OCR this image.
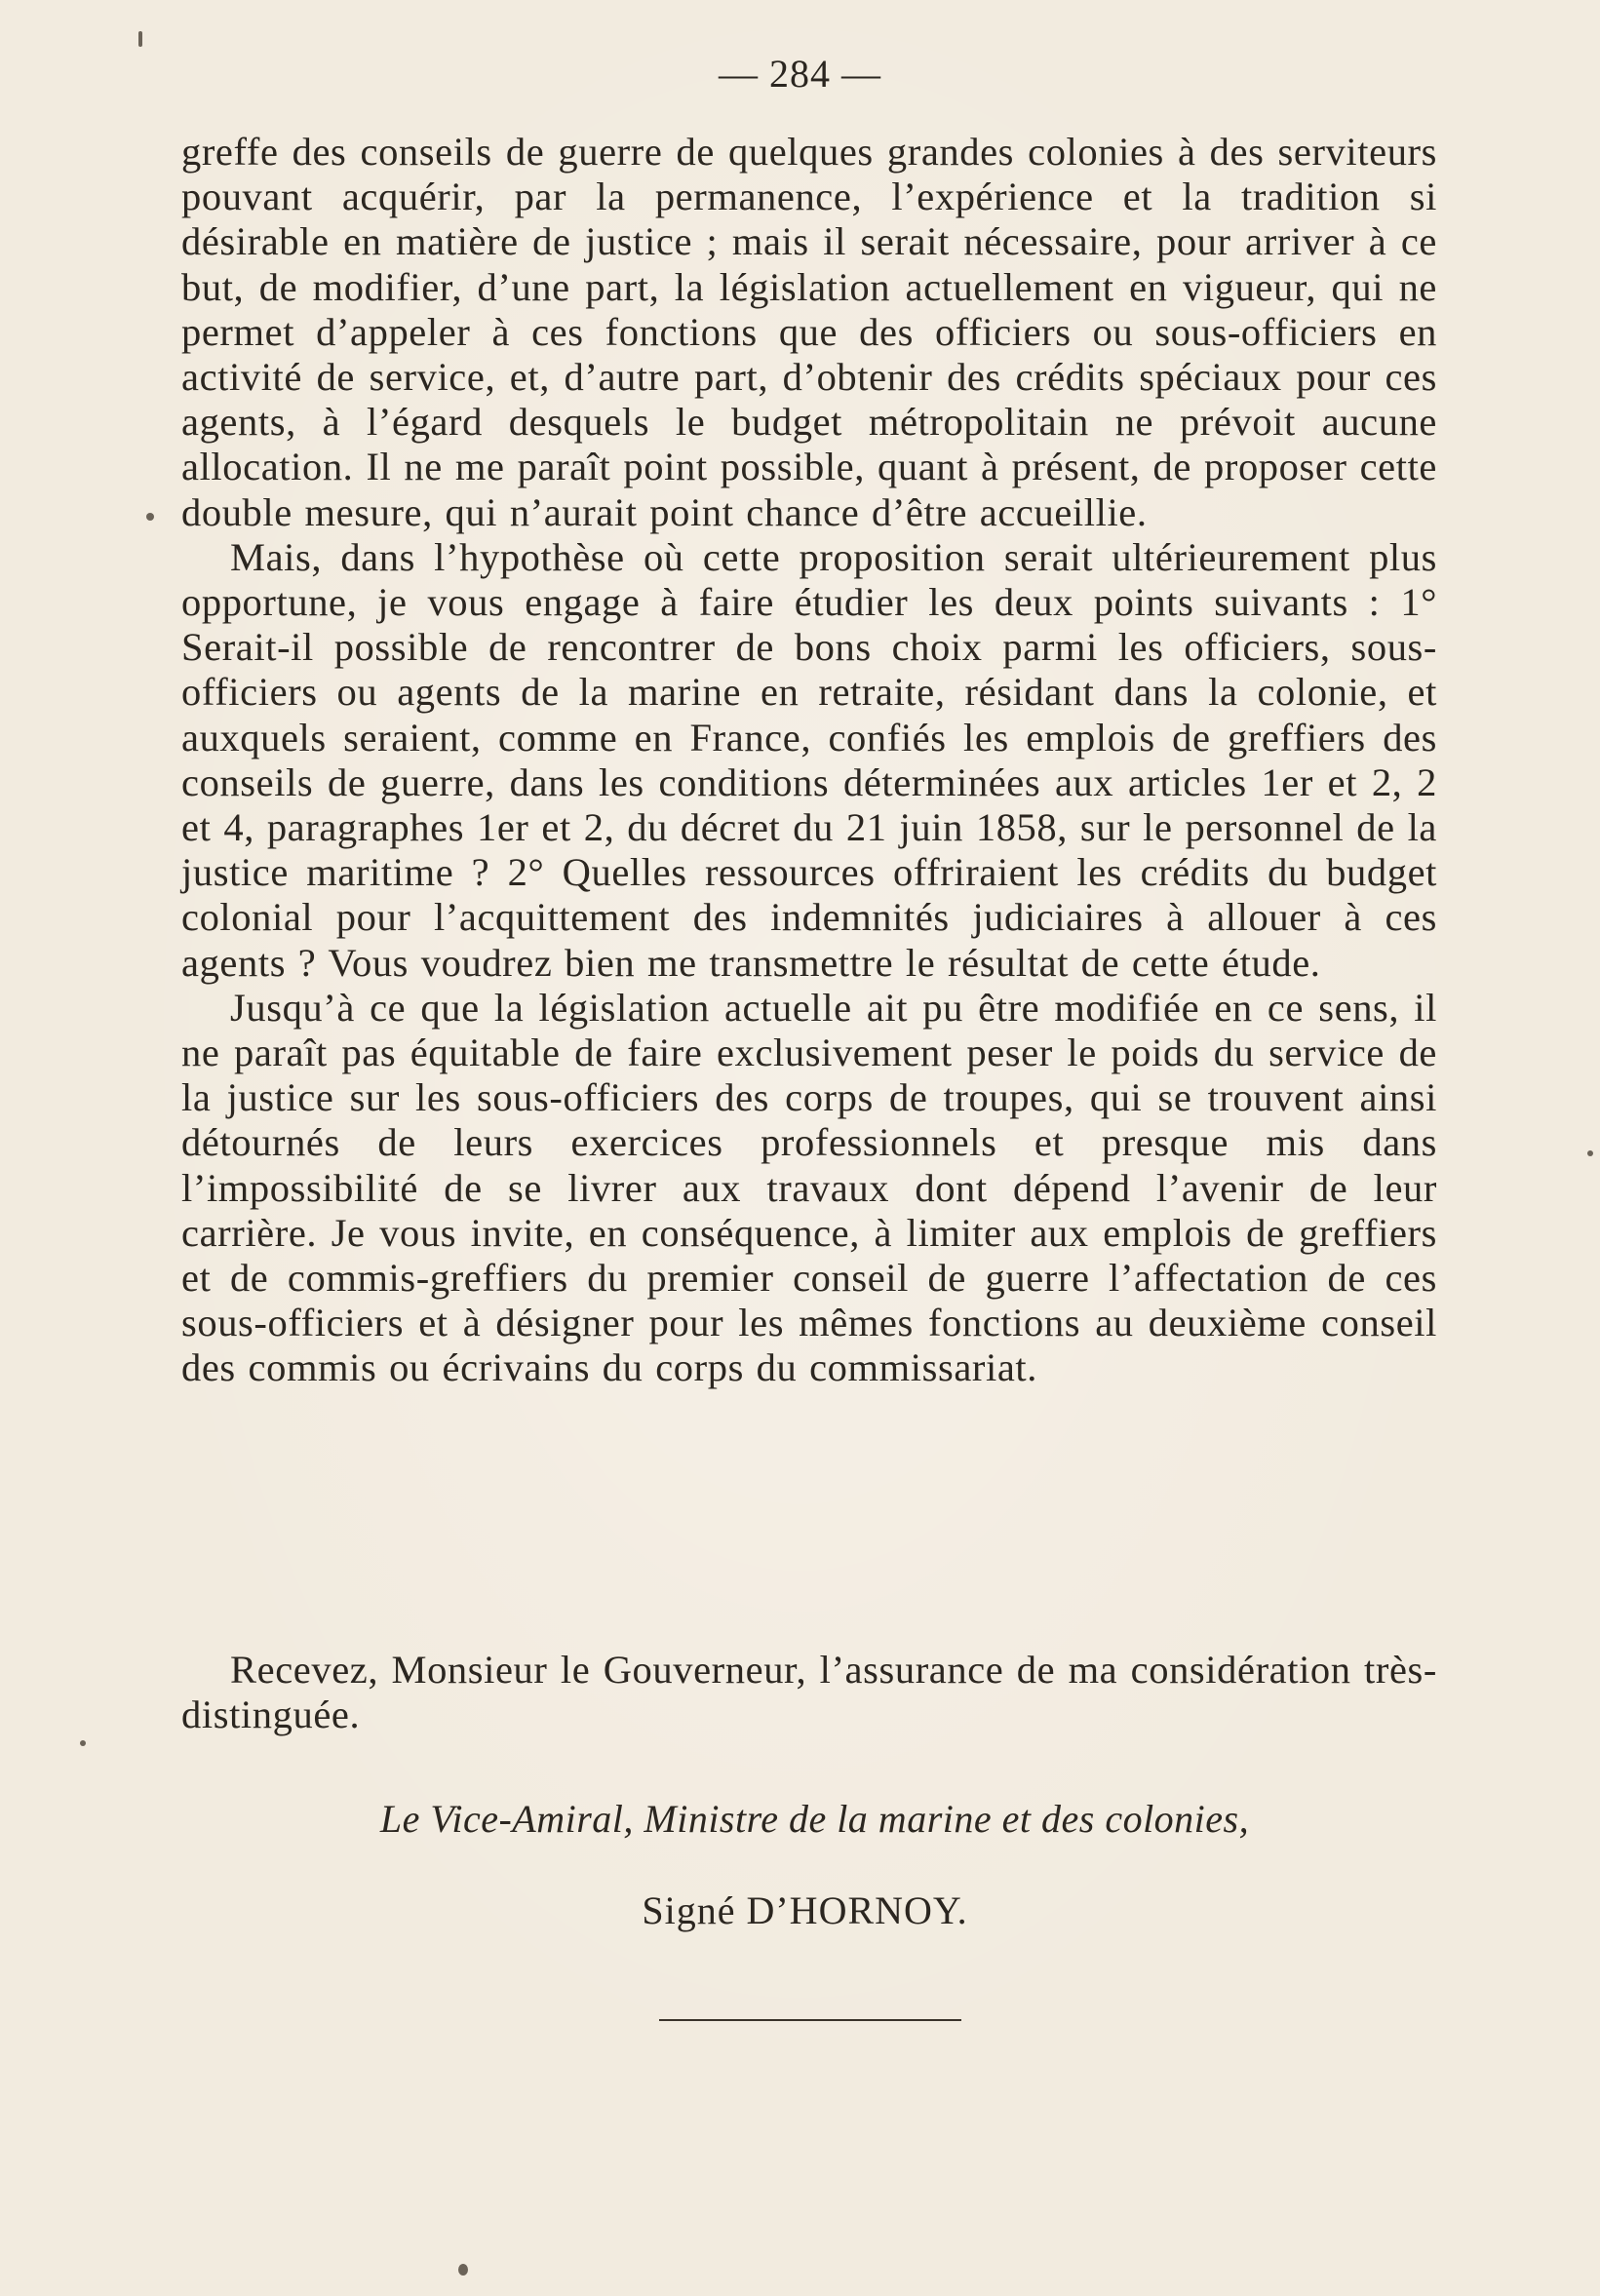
— 284 —

greffe des conseils de guerre de quelques grandes colonies à des serviteurs pouvant acquérir, par la permanence, l’expérience et la tradition si désirable en matière de justice ; mais il serait nécessaire, pour arriver à ce but, de modifier, d’une part, la législation actuellement en vigueur, qui ne permet d’appeler à ces fonctions que des officiers ou sous-officiers en activité de service, et, d’autre part, d’obtenir des crédits spéciaux pour ces agents, à l’égard desquels le budget métropolitain ne prévoit aucune allocation. Il ne me paraît point possible, quant à présent, de proposer cette double mesure, qui n’aurait point chance d’être accueillie.

Mais, dans l’hypothèse où cette proposition serait ultérieurement plus opportune, je vous engage à faire étudier les deux points suivants : 1° Serait-il possible de rencontrer de bons choix parmi les officiers, sous-officiers ou agents de la marine en retraite, résidant dans la colonie, et auxquels seraient, comme en France, confiés les emplois de greffiers des conseils de guerre, dans les conditions déterminées aux articles 1er et 2, 2 et 4, paragraphes 1er et 2, du décret du 21 juin 1858, sur le personnel de la justice maritime ? 2° Quelles ressources offriraient les crédits du budget colonial pour l’acquittement des indemnités judiciaires à allouer à ces agents ? Vous voudrez bien me transmettre le résultat de cette étude.

Jusqu’à ce que la législation actuelle ait pu être modifiée en ce sens, il ne paraît pas équitable de faire exclusivement peser le poids du service de la justice sur les sous-officiers des corps de troupes, qui se trouvent ainsi détournés de leurs exercices professionnels et presque mis dans l’impossibilité de se livrer aux travaux dont dépend l’avenir de leur carrière. Je vous invite, en conséquence, à limiter aux emplois de greffiers et de commis-greffiers du premier conseil de guerre l’affectation de ces sous-officiers et à désigner pour les mêmes fonctions au deuxième conseil des commis ou écrivains du corps du commissariat.

Recevez, Monsieur le Gouverneur, l’assurance de ma considération très-distinguée.
Le Vice-Amiral, Ministre de la marine et des colonies,
Signé D’HORNOY.
